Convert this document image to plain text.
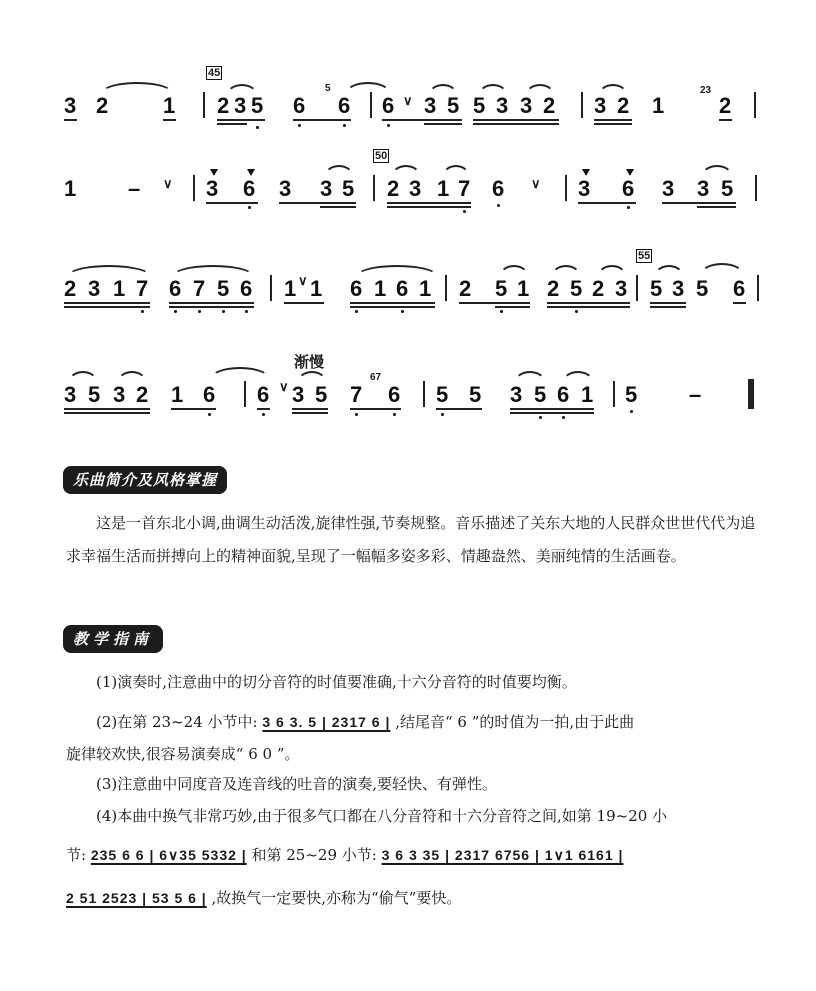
3 2 1
45
2 3 5 6
5
6 6 ∨ 3 5 5 3 3 2 3 2 1
23
2
1 – ∨ 3 6 3 3 5
50
2 3 1 7 6 ∨ 3 6 3 3 5
2 3 1 7 6 7 5 6 1 ∨ 1 6 1 6 1 2 5 1 2 5 2 3
55
5 3 5 6
3 5 3 2 1 6
渐慢
6 ∨ 3 5 7
67
6 5 5 3 5 6 1 5 –
乐曲简介及风格掌握
这是一首东北小调,曲调生动活泼,旋律性强,节奏规整。音乐描述了关东大地的人民群众世世代代为追求幸福生活而拼搏向上的精神面貌,呈现了一幅幅多姿多彩、情趣盎然、美丽纯情的生活画卷。
教学指南
(1)演奏时,注意曲中的切分音符的时值要准确,十六分音符的时值要均衡。
(2)在第 23~24 小节中: 3 6 3. 5 | 2317 6 | ,结尾音“ 6 ”的时值为一拍,由于此曲
旋律较欢快,很容易演奏成“ 6 0 ”。
(3)注意曲中同度音及连音线的吐音的演奏,要轻快、有弹性。
(4)本曲中换气非常巧妙,由于很多气口都在八分音符和十六分音符之间,如第 19~20 小
节: 235 6 6 | 6∨35 5332 | 和第 25~29 小节: 3 6 3 35 | 2317 6756 | 1∨1 6161 |
2 51 2523 | 53 5 6 | ,故换气一定要快,亦称为“偷气”要快。
